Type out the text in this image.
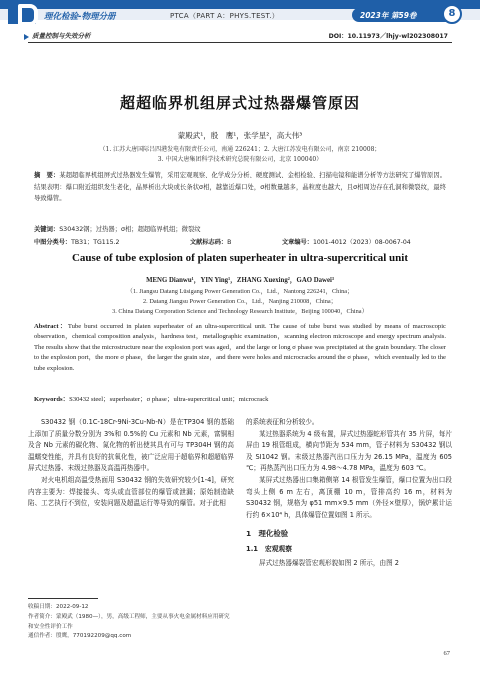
理化检验-物理分册	PTCA（PART A：PHYS.TEST.）	2023年 第59卷	8
质量控制与失效分析	DOI：10.11973／lhjy-wl202308017
超超临界机组屏式过热器爆管原因
蒙殿武¹，殷　鹰¹，张学星²，高大伟³
（1. 江苏大唐国际吕四港发电有限责任公司，南通 226241；2. 大唐江苏发电有限公司，南京 210008；
3. 中国大唐集团科学技术研究总院有限公司，北京 100040）
摘　要：某超超临界机组屏式过热器发生爆管，采用宏观观察、化学成分分析、硬度测试、金相检验、扫描电镜和能谱分析等方法研究了爆管原因。结果表明：爆口附近组织发生老化，晶界析出大块或长条状σ相，越靠近爆口处，σ相数量越多，晶粒度也越大，且σ相周边存在孔洞和微裂纹，最终导致爆管。
关键词：S30432钢；过热器；σ相；超超临界机组；微裂纹
中图分类号：TB31；TG115.2	文献标志码：B	文章编号：1001-4012（2023）08-0067-04
Cause of tube explosion of platen superheater in ultra-supercritical unit
MENG Dianwu¹，YIN Ying¹，ZHANG Xuexing²，GAO Dawei³
（1. Jiangsu Datang Lüsigang Power Generation Co.，Ltd.，Nantong 226241，China；
2. Datang Jiangsu Power Generation Co.，Ltd.，Nanjing 210008，China；
3. China Datang Corporation Science and Technology Research Institute，Beijing 100040，China）
Abstract：Tube burst occurred in platen superheater of an ultra-supercritical unit. The cause of tube burst was studied by means of macroscopic observation，chemical composition analysis，hardness test，metallographic examination，scanning electron microscope and energy spectrum analysis. The results show that the microstructure near the explosion port was aged，and the large or long σ phase was precipitated at the grain boundary. The closer to the explosion port，the more σ phase，the larger the grain size，and there were holes and microcracks around the σ phase，which eventually led to the tube explosion.
Keywords：S30432 steel；superheater；σ phase；ultra-supercritical unit；microcrack

S30432 钢（0.1C-18Cr-9Ni-3Cu-Nb-N）是在TP304 钢的基础上添加了质量分数分别为 3%和 0.5%的 Cu 元素和 Nb 元素，富铜相及含 Nb 元素的碳化物、氮化物的析出使其具有可与 TP304H 钢的高温蠕变性能，并具有良好的抗氧化性，被广泛应用于超临界和超超临界屏式过热器、末级过热器及高温再热器中。

对火电机组高温受热面用 S30432 钢的失效研究较少[1-4]，研究内容主要为：焊接接头、弯头或直管部位的爆管或泄漏；原始制造缺陷、工艺执行不到位，安装问题及超温运行等导致的爆管。对于此相

的系统表征和分析较少。

某过热器系统为 4 级布置，屏式过热器蛇形管共有 35 片屏，每片屏由 19 根管组成，横向节距为 534 mm，管子材料为 S30432 钢以及 SI1042 钢。末级过热器汽出口压力为 26.15 MPa，温度为 605 ℃；再热蒸汽出口压力为 4.98～4.78 MPa，温度为 603 ℃。

某屏式过热器出口集箱侧第 14 根管发生爆管，爆口位置为出口段弯头上侧 6 m 左右，离顶棚 10 m，管排高约 16 m，材料为 S30432 钢，规格为 φ51 mm×9.5 mm（外径×壁厚），锅炉累计运行约 6×10⁴ h，具体爆管位置如图 1 所示。

1　理化检验
1.1　宏观观察

屏式过热器爆裂管宏观形貌如图 2 所示，由图 2

收稿日期：2022-09-12
作者简介：蒙殿武（1980—），男，高级工程师，主要从事火电金属材料应用研究和安全性评价工作
通信作者：殷鹰，770192209@qq.com
67
